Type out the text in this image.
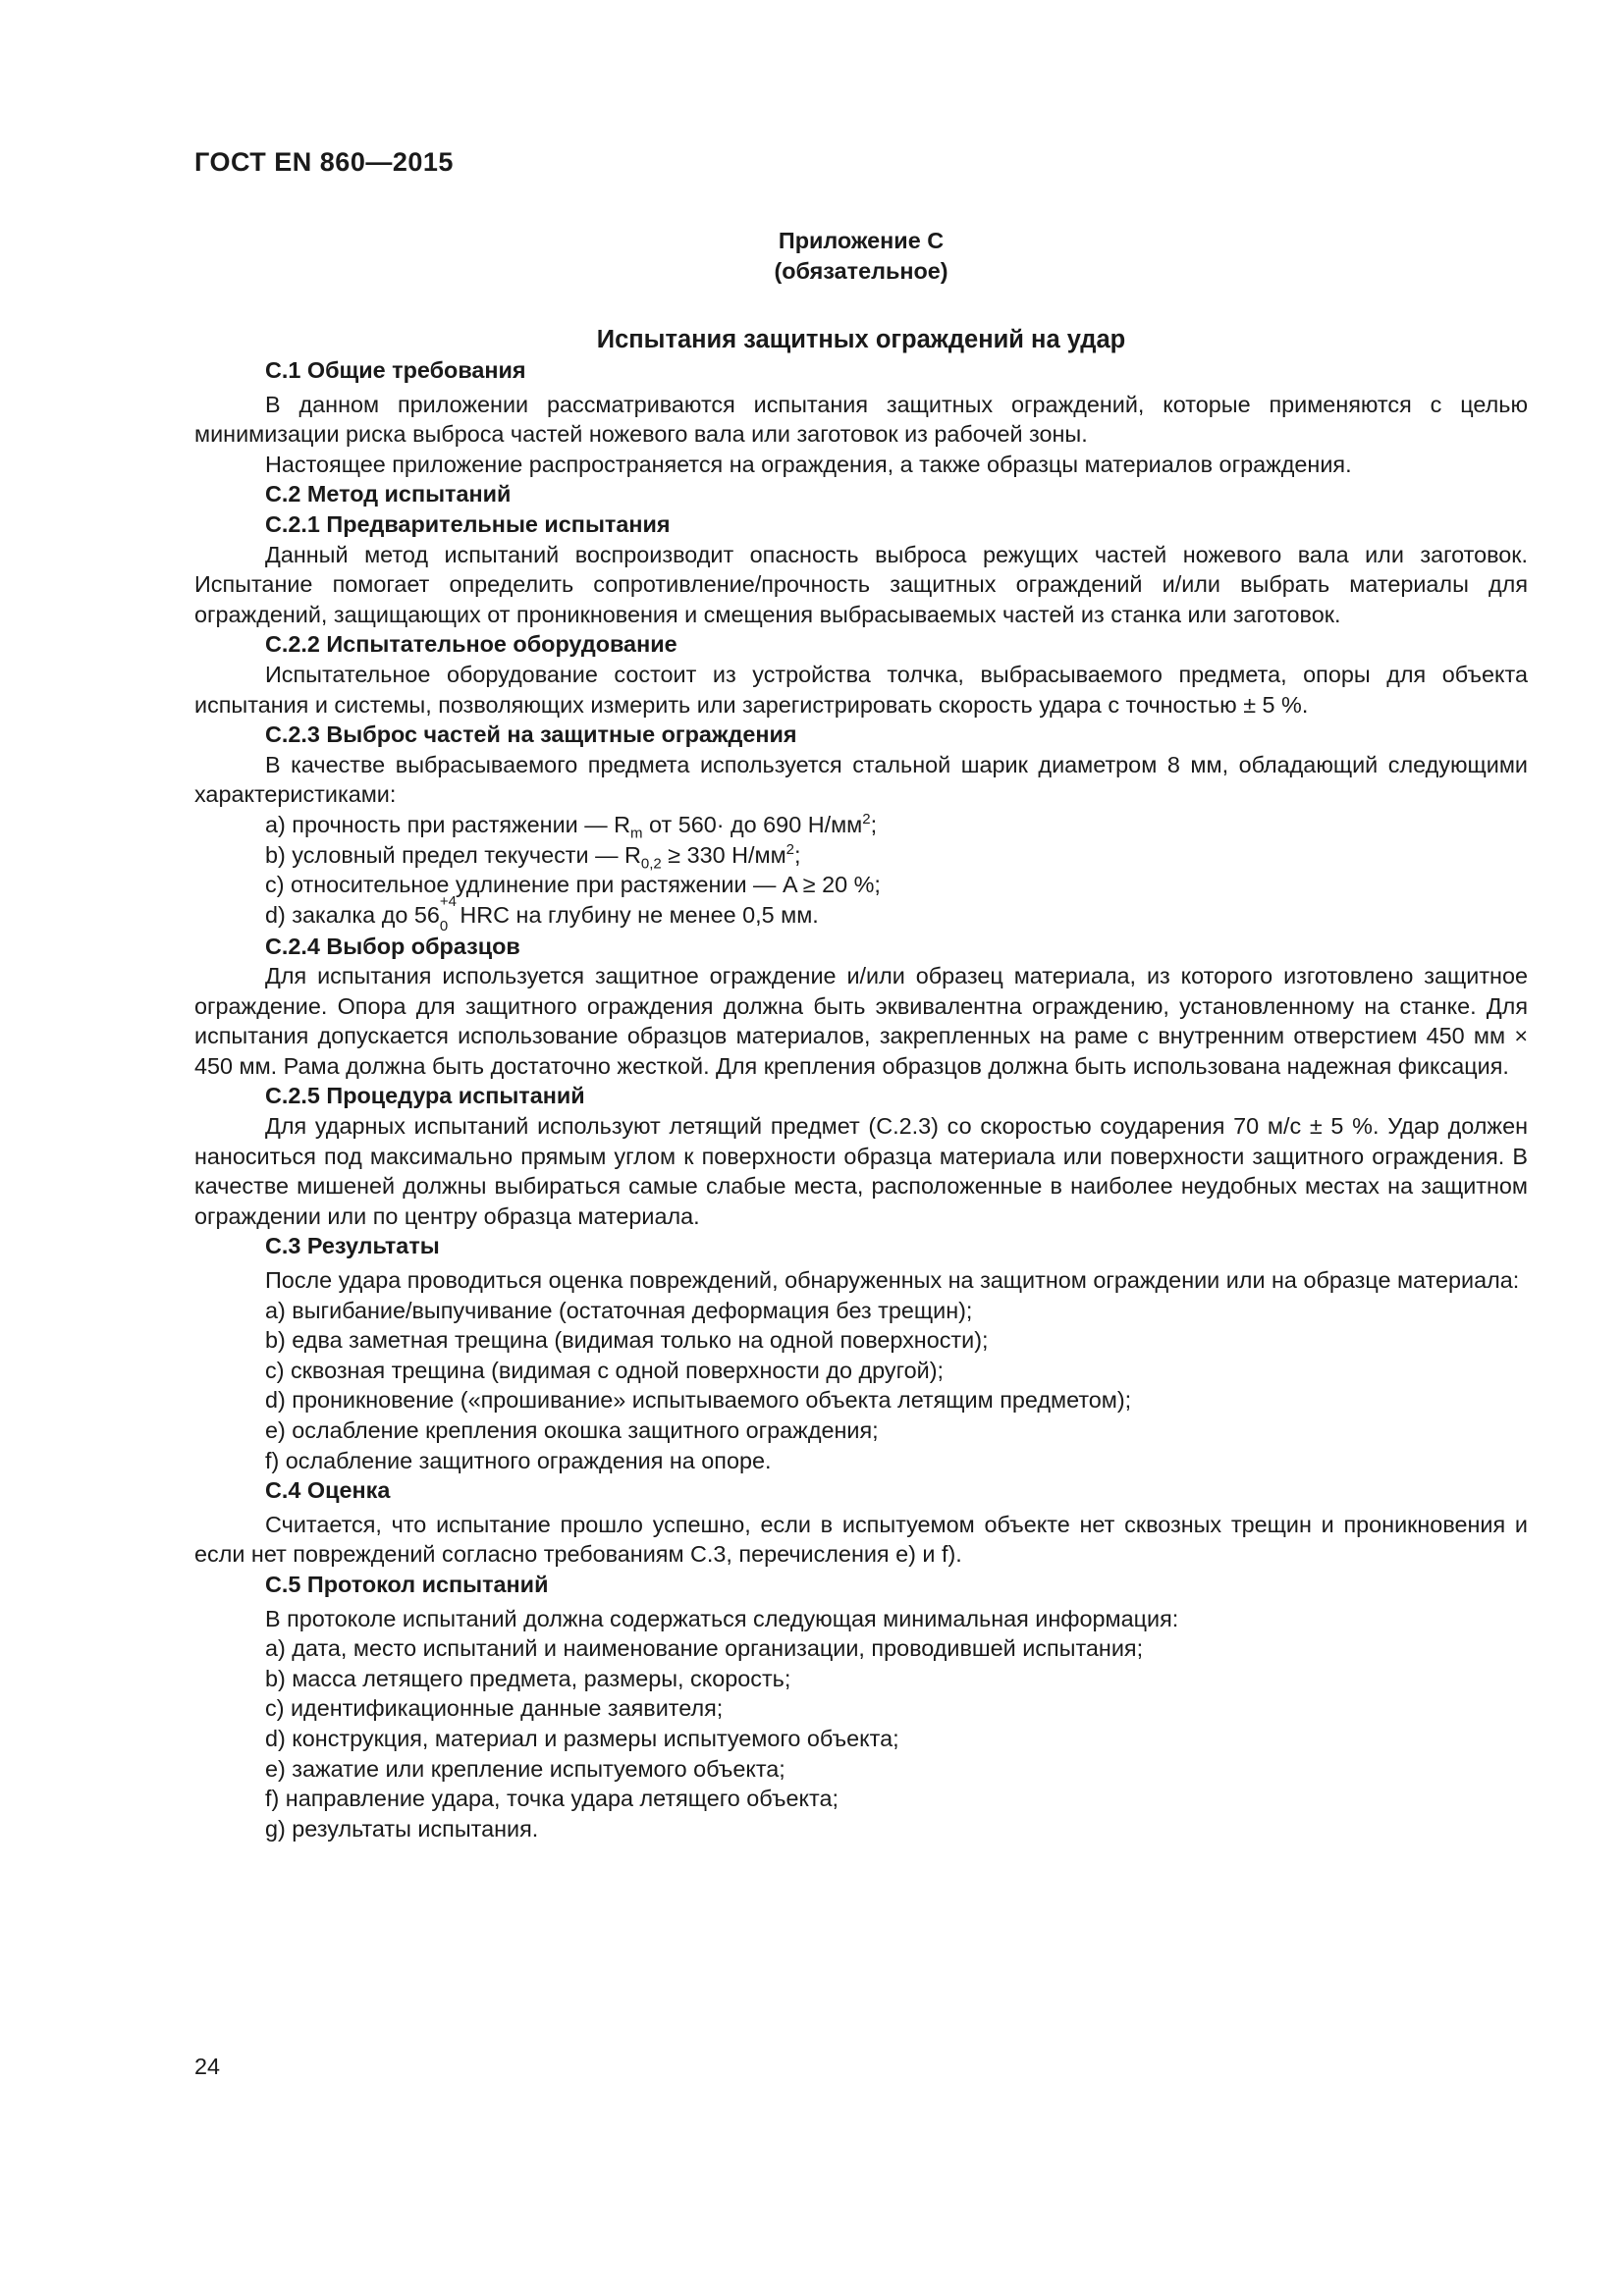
ГОСТ EN 860—2015
Приложение С
(обязательное)
Испытания защитных ограждений на удар
С.1 Общие требования

В данном приложении рассматриваются испытания защитных ограждений, которые применяются с целью минимизации риска выброса частей ножевого вала или заготовок из рабочей зоны.

Настоящее приложение распространяется на ограждения, а также образцы материалов ограждения.

С.2 Метод испытаний
С.2.1 Предварительные испытания

Данный метод испытаний воспроизводит опасность выброса режущих частей ножевого вала или заготовок. Испытание помогает определить сопротивление/прочность защитных ограждений и/или выбрать материалы для ограждений, защищающих от проникновения и смещения выбрасываемых частей из станка или заготовок.

С.2.2 Испытательное оборудование

Испытательное оборудование состоит из устройства толчка, выбрасываемого предмета, опоры для объекта испытания и системы, позволяющих измерить или зарегистрировать скорость удара с точностью ± 5 %.

С.2.3 Выброс частей на защитные ограждения

В качестве выбрасываемого предмета используется стальной шарик диаметром 8 мм, обладающий следующими характеристиками:

a) прочность при растяжении — $R_m$ от 560· до 690 $Н/мм^2$;
b) условный предел текучести — $R_{0,2} \ge 330$ $Н/мм^2$;
c) относительное удлинение при растяжении — A ≥ 20 %;
d) закалка до 56
+4
0 HRC на глубину не менее 0,5 мм.
С.2.4 Выбор образцов

Для испытания используется защитное ограждение и/или образец материала, из которого изготовлено защитное ограждение. Опора для защитного ограждения должна быть эквивалентна ограждению, установленному на станке. Для испытания допускается использование образцов материалов, закрепленных на раме с внутренним отверстием 450 мм × 450 мм. Рама должна быть достаточно жесткой. Для крепления образцов должна быть использована надежная фиксация.

С.2.5 Процедура испытаний

Для ударных испытаний используют летящий предмет (С.2.3) со скоростью соударения 70 м/с ± 5 %. Удар должен наноситься под максимально прямым углом к поверхности образца материала или поверхности защитного ограждения. В качестве мишеней должны выбираться самые слабые места, расположенные в наиболее неудобных местах на защитном ограждении или по центру образца материала.

С.3 Результаты

После удара проводиться оценка повреждений, обнаруженных на защитном ограждении или на образце материала:

a) выгибание/выпучивание (остаточная деформация без трещин);
b) едва заметная трещина (видимая только на одной поверхности);
c) сквозная трещина (видимая с одной поверхности до другой);
d) проникновение («прошивание» испытываемого объекта летящим предметом);
e) ослабление крепления окошка защитного ограждения;
f) ослабление защитного ограждения на опоре.
С.4 Оценка

Считается, что испытание прошло успешно, если в испытуемом объекте нет сквозных трещин и проникновения и если нет повреждений согласно требованиям С.3, перечисления e) и f).

С.5 Протокол испытаний

В протоколе испытаний должна содержаться следующая минимальная информация:

a) дата, место испытаний и наименование организации, проводившей испытания;
b) масса летящего предмета, размеры, скорость;
c) идентификационные данные заявителя;
d) конструкция, материал и размеры испытуемого объекта;
e) зажатие или крепление испытуемого объекта;
f) направление удара, точка удара летящего объекта;
g) результаты испытания.
24
